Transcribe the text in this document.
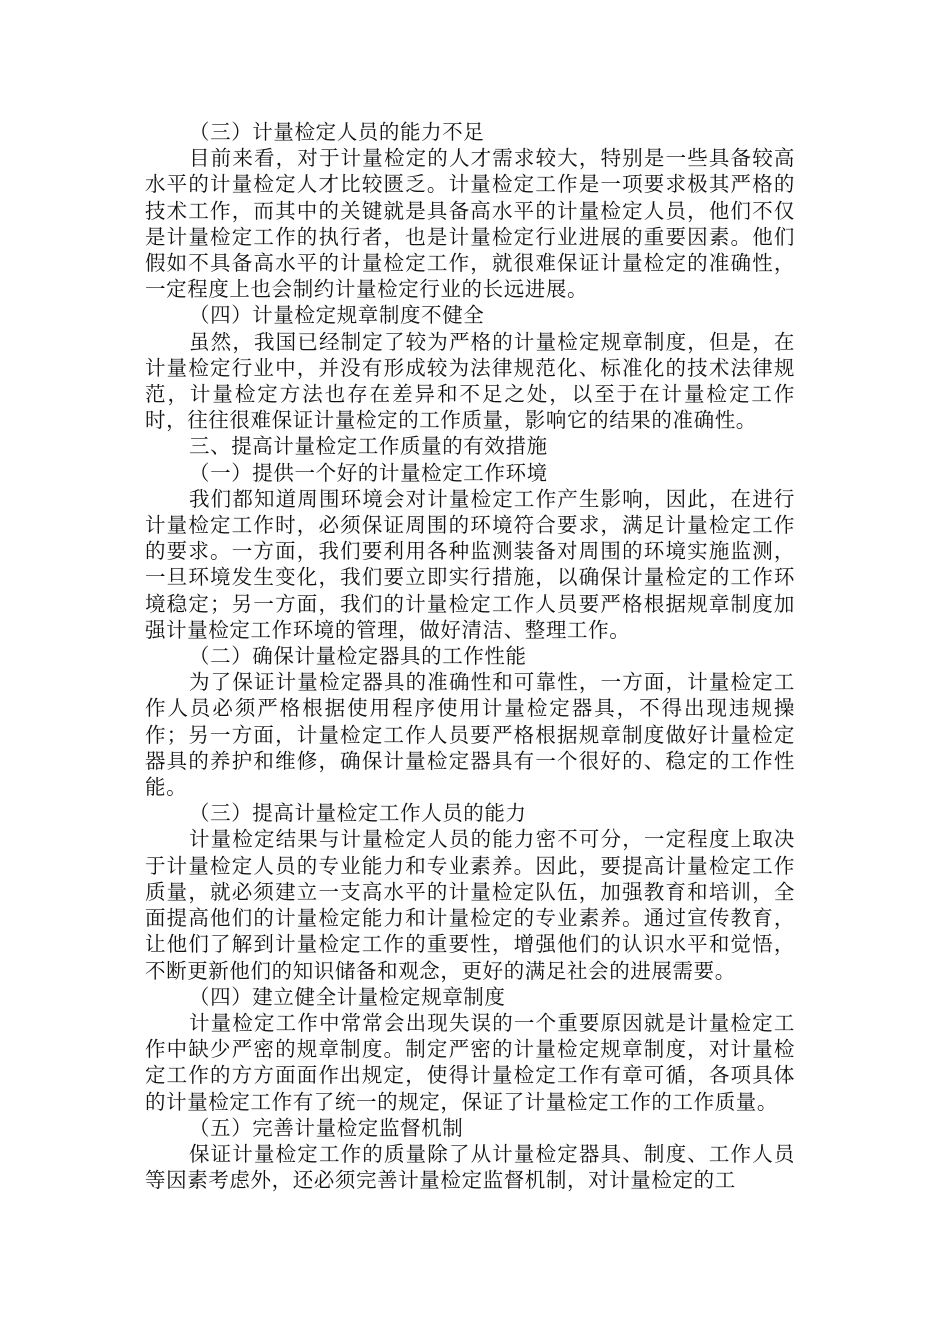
（三）计量检定人员的能力不足

目前来看，对于计量检定的人才需求较大，特别是一些具备较高水平的计量检定人才比较匮乏。计量检定工作是一项要求极其严格的技术工作，而其中的关键就是具备高水平的计量检定人员，他们不仅是计量检定工作的执行者，也是计量检定行业进展的重要因素。他们假如不具备高水平的计量检定工作，就很难保证计量检定的准确性，一定程度上也会制约计量检定行业的长远进展。

（四）计量检定规章制度不健全

虽然，我国已经制定了较为严格的计量检定规章制度，但是，在计量检定行业中，并没有形成较为法律规范化、标准化的技术法律规范，计量检定方法也存在差异和不足之处，以至于在计量检定工作时，往往很难保证计量检定的工作质量，影响它的结果的准确性。

三、提高计量检定工作质量的有效措施

（一）提供一个好的计量检定工作环境

我们都知道周围环境会对计量检定工作产生影响，因此，在进行计量检定工作时，必须保证周围的环境符合要求，满足计量检定工作的要求。一方面，我们要利用各种监测装备对周围的环境实施监测，一旦环境发生变化，我们要立即实行措施，以确保计量检定的工作环境稳定；另一方面，我们的计量检定工作人员要严格根据规章制度加强计量检定工作环境的管理，做好清洁、整理工作。

（二）确保计量检定器具的工作性能

为了保证计量检定器具的准确性和可靠性，一方面，计量检定工作人员必须严格根据使用程序使用计量检定器具，不得出现违规操作；另一方面，计量检定工作人员要严格根据规章制度做好计量检定器具的养护和维修，确保计量检定器具有一个很好的、稳定的工作性能。

（三）提高计量检定工作人员的能力

计量检定结果与计量检定人员的能力密不可分，一定程度上取决于计量检定人员的专业能力和专业素养。因此，要提高计量检定工作质量，就必须建立一支高水平的计量检定队伍，加强教育和培训，全面提高他们的计量检定能力和计量检定的专业素养。通过宣传教育，让他们了解到计量检定工作的重要性，增强他们的认识水平和觉悟，不断更新他们的知识储备和观念，更好的满足社会的进展需要。

（四）建立健全计量检定规章制度

计量检定工作中常常会出现失误的一个重要原因就是计量检定工作中缺少严密的规章制度。制定严密的计量检定规章制度，对计量检定工作的方方面面作出规定，使得计量检定工作有章可循，各项具体的计量检定工作有了统一的规定，保证了计量检定工作的工作质量。

（五）完善计量检定监督机制

保证计量检定工作的质量除了从计量检定器具、制度、工作人员等因素考虑外，还必须完善计量检定监督机制，对计量检定的工
